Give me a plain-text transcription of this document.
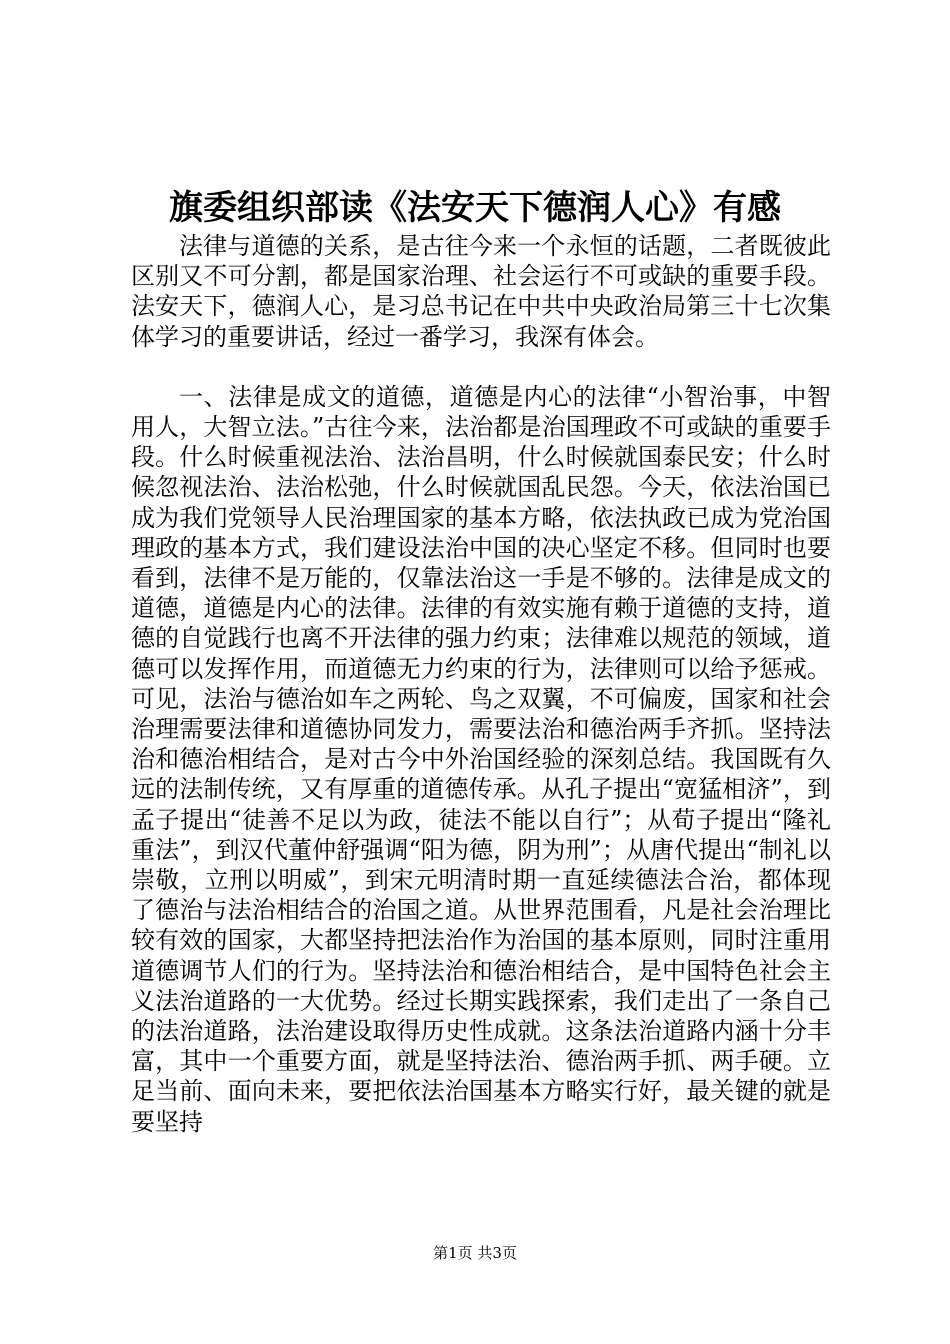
旗委组织部读《法安天下德润人心》有感

法律与道德的关系，是古往今来一个永恒的话题，二者既彼此区别又不可分割，都是国家治理、社会运行不可或缺的重要手段。法安天下，德润人心，是习总书记在中共中央政治局第三十七次集体学习的重要讲话，经过一番学习，我深有体会。

一、法律是成文的道德，道德是内心的法律“小智治事，中智用人，大智立法。”古往今来，法治都是治国理政不可或缺的重要手段。什么时候重视法治、法治昌明，什么时候就国泰民安；什么时候忽视法治、法治松弛，什么时候就国乱民怨。今天，依法治国已成为我们党领导人民治理国家的基本方略，依法执政已成为党治国理政的基本方式，我们建设法治中国的决心坚定不移。但同时也要看到，法律不是万能的，仅靠法治这一手是不够的。法律是成文的道德，道德是内心的法律。法律的有效实施有赖于道德的支持，道德的自觉践行也离不开法律的强力约束；法律难以规范的领域，道德可以发挥作用，而道德无力约束的行为，法律则可以给予惩戒。可见，法治与德治如车之两轮、鸟之双翼，不可偏废，国家和社会治理需要法律和道德协同发力，需要法治和德治两手齐抓。坚持法治和德治相结合，是对古今中外治国经验的深刻总结。我国既有久远的法制传统，又有厚重的道德传承。从孔子提出“宽猛相济”，到孟子提出“徒善不足以为政，徒法不能以自行”；从荀子提出“隆礼重法”，到汉代董仲舒强调“阳为德，阴为刑”；从唐代提出“制礼以崇敬，立刑以明威”，到宋元明清时期一直延续德法合治，都体现了德治与法治相结合的治国之道。从世界范围看，凡是社会治理比较有效的国家，大都坚持把法治作为治国的基本原则，同时注重用道德调节人们的行为。坚持法治和德治相结合，是中国特色社会主义法治道路的一大优势。经过长期实践探索，我们走出了一条自己的法治道路，法治建设取得历史性成就。这条法治道路内涵十分丰富，其中一个重要方面，就是坚持法治、德治两手抓、两手硬。立足当前、面向未来，要把依法治国基本方略实行好，最关键的就是要坚持

第1页 共3页
